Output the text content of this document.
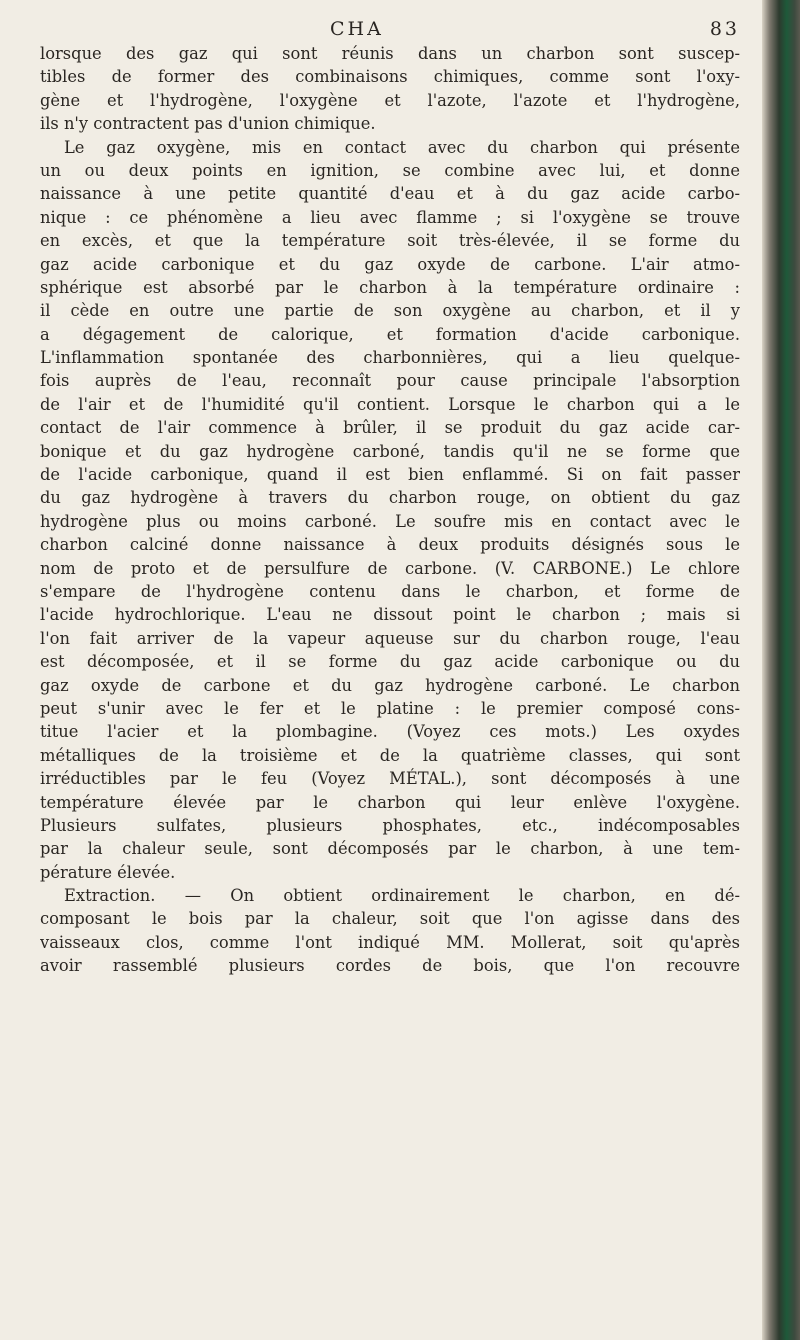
CHA	83
lorsque des gaz qui sont réunis dans un charbon sont suscep-
tibles de former des combinaisons chimiques, comme sont l'oxy-
gène et l'hydrogène, l'oxygène et l'azote, l'azote et l'hydrogène,
ils n'y contractent pas d'union chimique.
Le gaz oxygène, mis en contact avec du charbon qui présente
un ou deux points en ignition, se combine avec lui, et donne
naissance à une petite quantité d'eau et à du gaz acide carbo-
nique : ce phénomène a lieu avec flamme ; si l'oxygène se trouve
en excès, et que la température soit très-élevée, il se forme du
gaz acide carbonique et du gaz oxyde de carbone. L'air atmo-
sphérique est absorbé par le charbon à la température ordinaire :
il cède en outre une partie de son oxygène au charbon, et il y
a dégagement de calorique, et formation d'acide carbonique.
L'inflammation spontanée des charbonnières, qui a lieu quelque-
fois auprès de l'eau, reconnaît pour cause principale l'absorption
de l'air et de l'humidité qu'il contient. Lorsque le charbon qui a le
contact de l'air commence à brûler, il se produit du gaz acide car-
bonique et du gaz hydrogène carboné, tandis qu'il ne se forme que
de l'acide carbonique, quand il est bien enflammé. Si on fait passer
du gaz hydrogène à travers du charbon rouge, on obtient du gaz
hydrogène plus ou moins carboné. Le soufre mis en contact avec le
charbon calciné donne naissance à deux produits désignés sous le
nom de proto et de persulfure de carbone. (V. CARBONE.) Le chlore
s'empare de l'hydrogène contenu dans le charbon, et forme de
l'acide hydrochlorique. L'eau ne dissout point le charbon ; mais si
l'on fait arriver de la vapeur aqueuse sur du charbon rouge, l'eau
est décomposée, et il se forme du gaz acide carbonique ou du
gaz oxyde de carbone et du gaz hydrogène carboné. Le charbon
peut s'unir avec le fer et le platine : le premier composé cons-
titue l'acier et la plombagine. (Voyez ces mots.) Les oxydes
métalliques de la troisième et de la quatrième classes, qui sont
irréductibles par le feu (Voyez MÉTAL.), sont décomposés à une
température élevée par le charbon qui leur enlève l'oxygène.
Plusieurs sulfates, plusieurs phosphates, etc., indécomposables
par la chaleur seule, sont décomposés par le charbon, à une tem-
pérature élevée.
Extraction. — On obtient ordinairement le charbon, en dé-
composant le bois par la chaleur, soit que l'on agisse dans des
vaisseaux clos, comme l'ont indiqué MM. Mollerat, soit qu'après
avoir rassemblé plusieurs cordes de bois, que l'on recouvre
